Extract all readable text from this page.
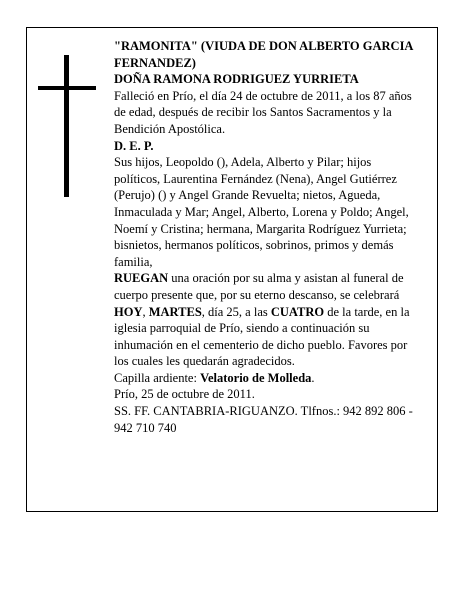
"RAMONITA" (VIUDA DE DON ALBERTO GARCIA FERNANDEZ)

DOÑA RAMONA RODRIGUEZ YURRIETA

Falleció en Prío, el día 24 de octubre de 2011, a los 87 años de edad, después de recibir los Santos Sacramentos y la Bendición Apostólica.

D. E. P.

Sus hijos, Leopoldo (), Adela, Alberto y Pilar; hijos políticos, Laurentina Fernández (Nena), Angel Gutiérrez (Perujo) () y Angel Grande Revuelta; nietos, Agueda, Inmaculada y Mar; Angel, Alberto, Lorena y Poldo; Angel, Noemí y Cristina; hermana, Margarita Rodríguez Yurrieta; bisnietos, hermanos políticos, sobrinos, primos y demás familia,

RUEGAN una oración por su alma y asistan al funeral de cuerpo presente que, por su eterno descanso, se celebrará HOY, MARTES, día 25, a las CUATRO de la tarde, en la iglesia parroquial de Prío, siendo a continuación su inhumación en el cementerio de dicho pueblo. Favores por los cuales les quedarán agradecidos.

Capilla ardiente: Velatorio de Molleda.

Prío, 25 de octubre de 2011.

SS. FF. CANTABRIA-RIGUANZO. Tlfnos.: 942 892 806 - 942 710 740
